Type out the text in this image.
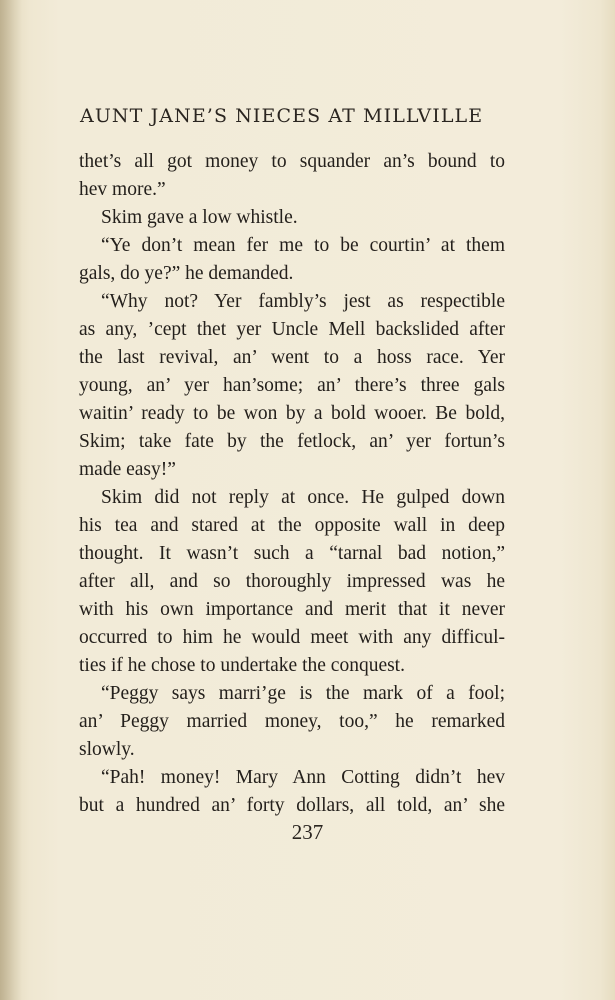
AUNT JANE’S NIECES AT MILLVILLE
thet’s all got money to squander an’s bound to
hev more.”
Skim gave a low whistle.
“Ye don’t mean fer me to be courtin’ at them
gals, do ye?” he demanded.
“Why not? Yer fambly’s jest as respectible
as any, ’cept thet yer Uncle Mell backslided after
the last revival, an’ went to a hoss race. Yer
young, an’ yer han’some; an’ there’s three gals
waitin’ ready to be won by a bold wooer. Be bold,
Skim; take fate by the fetlock, an’ yer fortun’s
made easy!”
Skim did not reply at once. He gulped down
his tea and stared at the opposite wall in deep
thought. It wasn’t such a “tarnal bad notion,”
after all, and so thoroughly impressed was he
with his own importance and merit that it never
occurred to him he would meet with any difficul-
ties if he chose to undertake the conquest.
“Peggy says marri’ge is the mark of a fool;
an’ Peggy married money, too,” he remarked
slowly.
“Pah! money! Mary Ann Cotting didn’t hev
but a hundred an’ forty dollars, all told, an’ she
237
